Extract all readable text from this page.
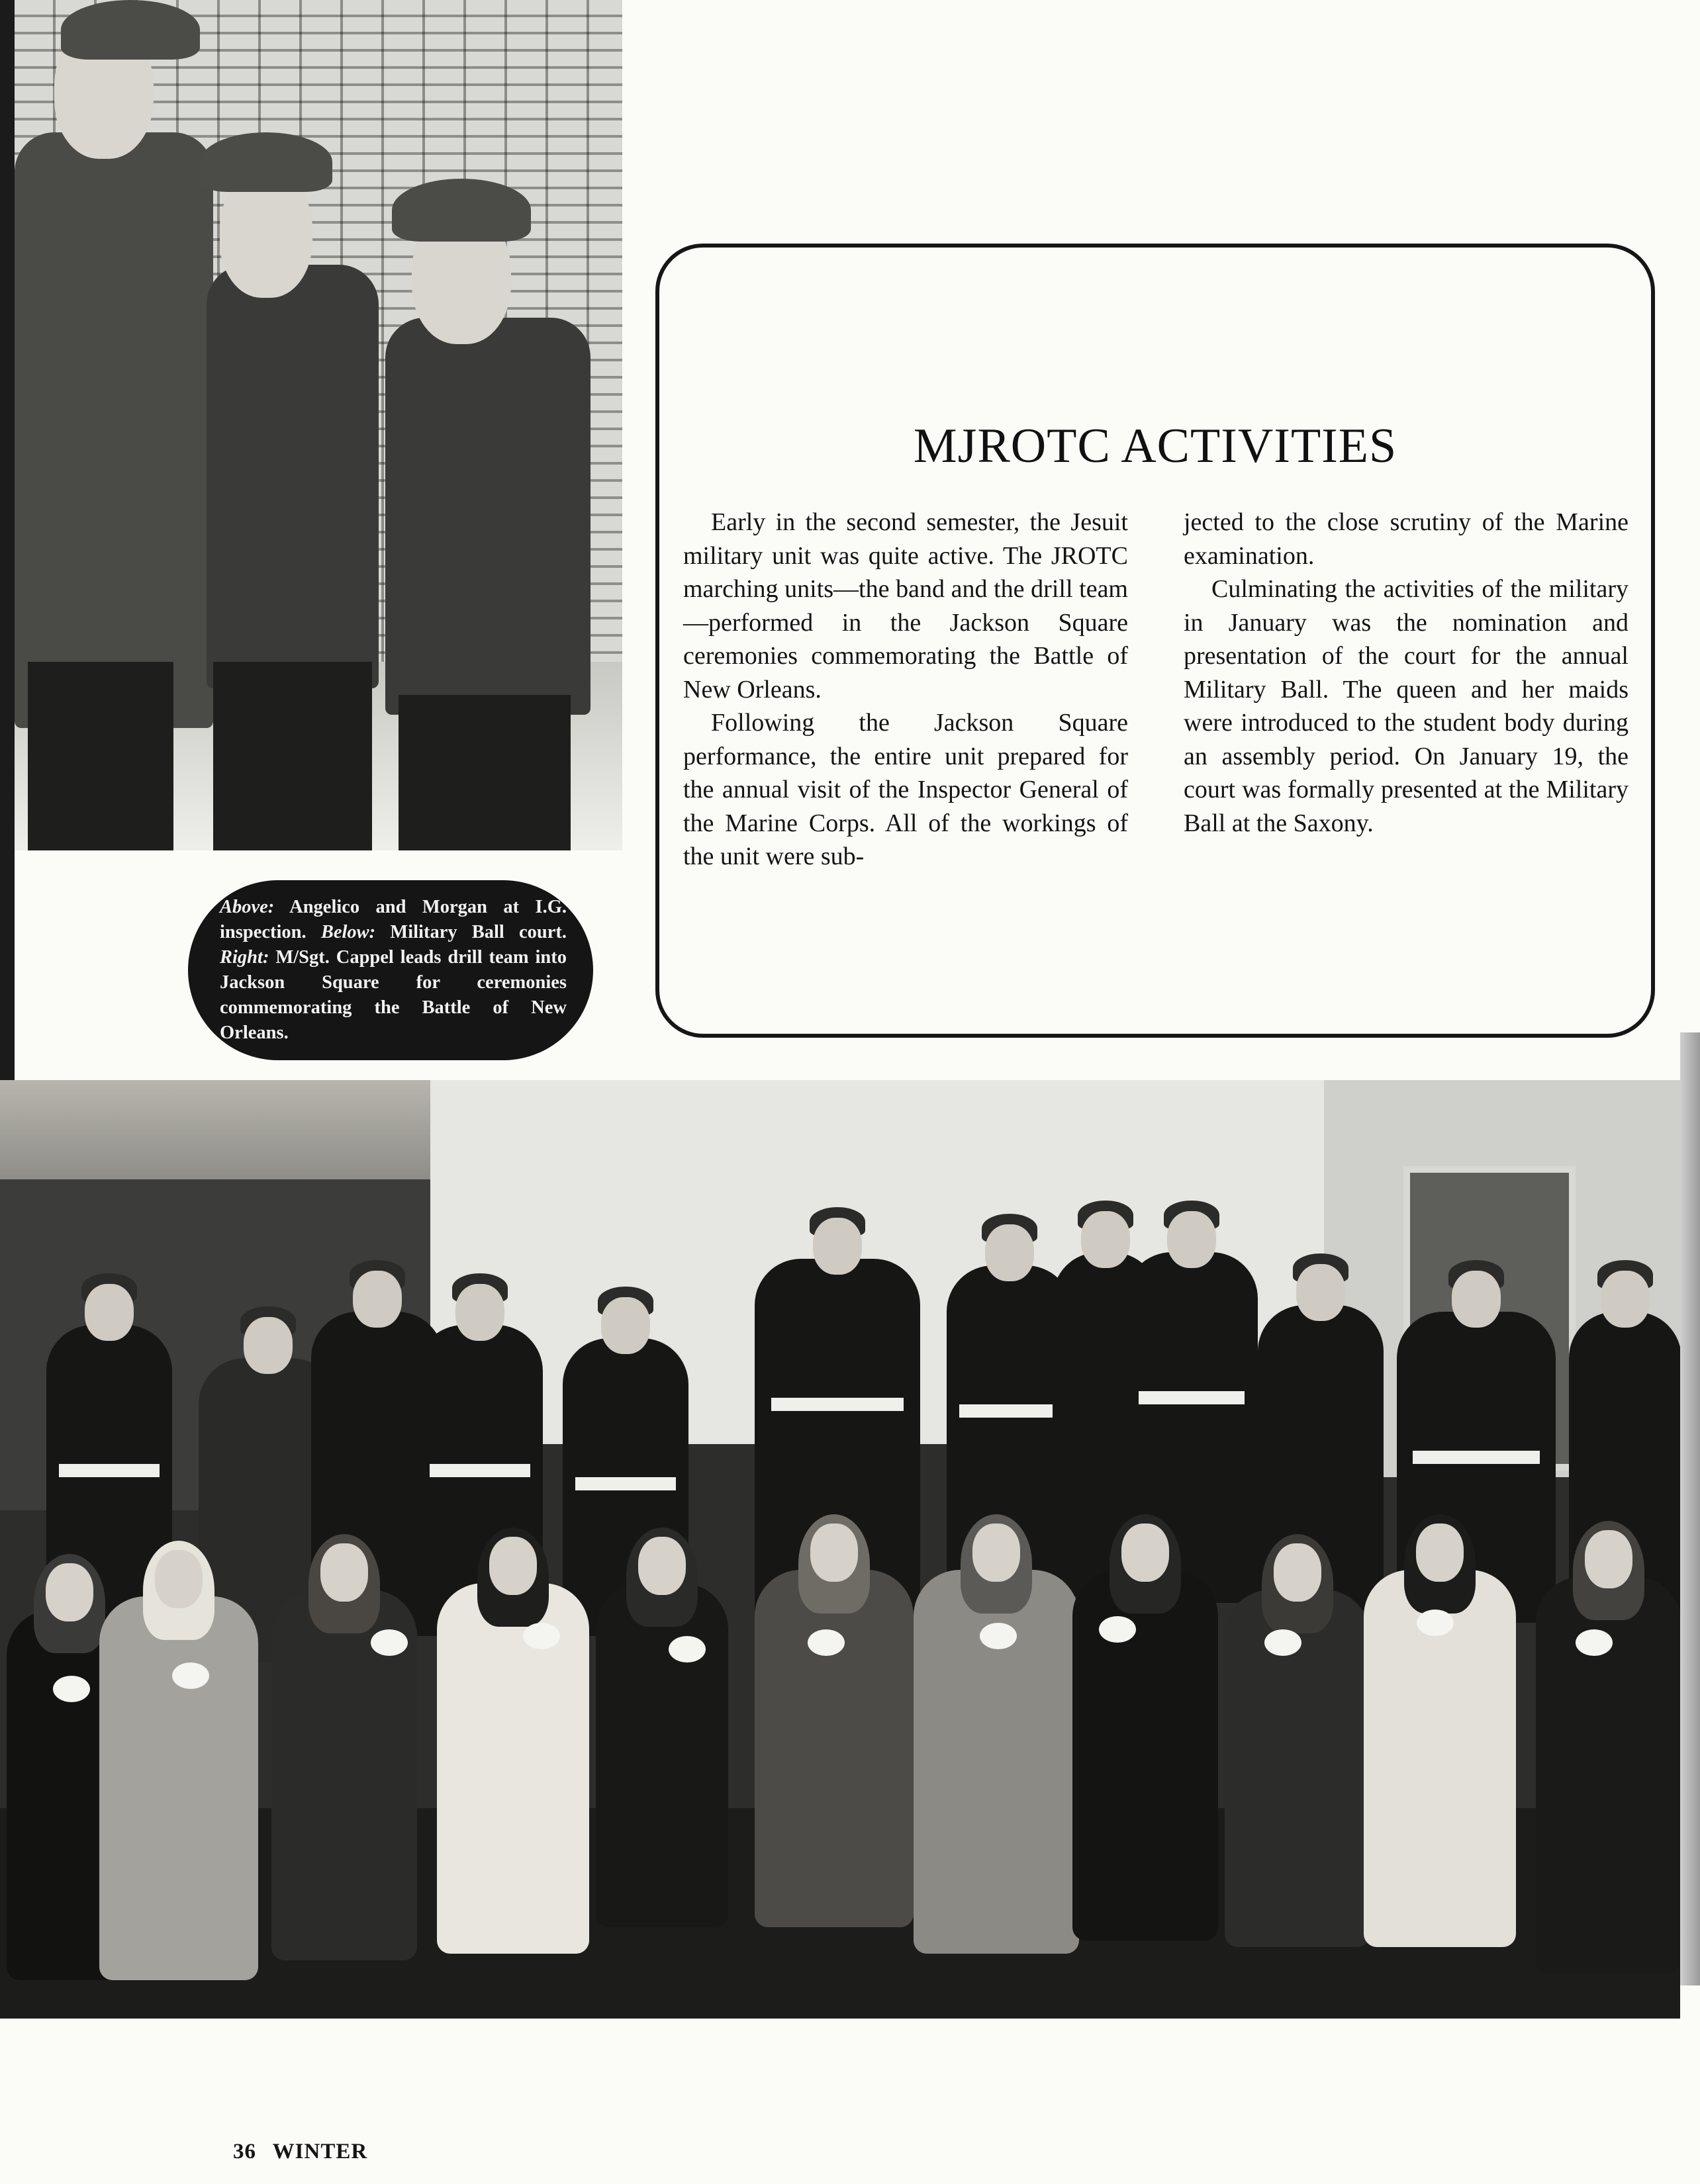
Above: Angelico and Morgan at I.G. inspection. Below: Military Ball court. Right: M/Sgt. Cappel leads drill team into Jackson Square for ceremonies commemorating the Battle of New Orleans.
MJROTC ACTIVITIES

Early in the second semester, the Jesuit military unit was quite active. The JROTC marching units—the band and the drill team—performed in the Jackson Square ceremonies commemorating the Battle of New Orleans.

Following the Jackson Square performance, the entire unit prepared for the annual visit of the Inspector General of the Marine Corps. All of the workings of the unit were sub-

jected to the close scrutiny of the Marine examination.

Culminating the activities of the military in January was the nomination and presentation of the court for the annual Military Ball. The queen and her maids were introduced to the student body during an assembly period. On January 19, the court was formally presented at the Military Ball at the Saxony.

36 WINTER
